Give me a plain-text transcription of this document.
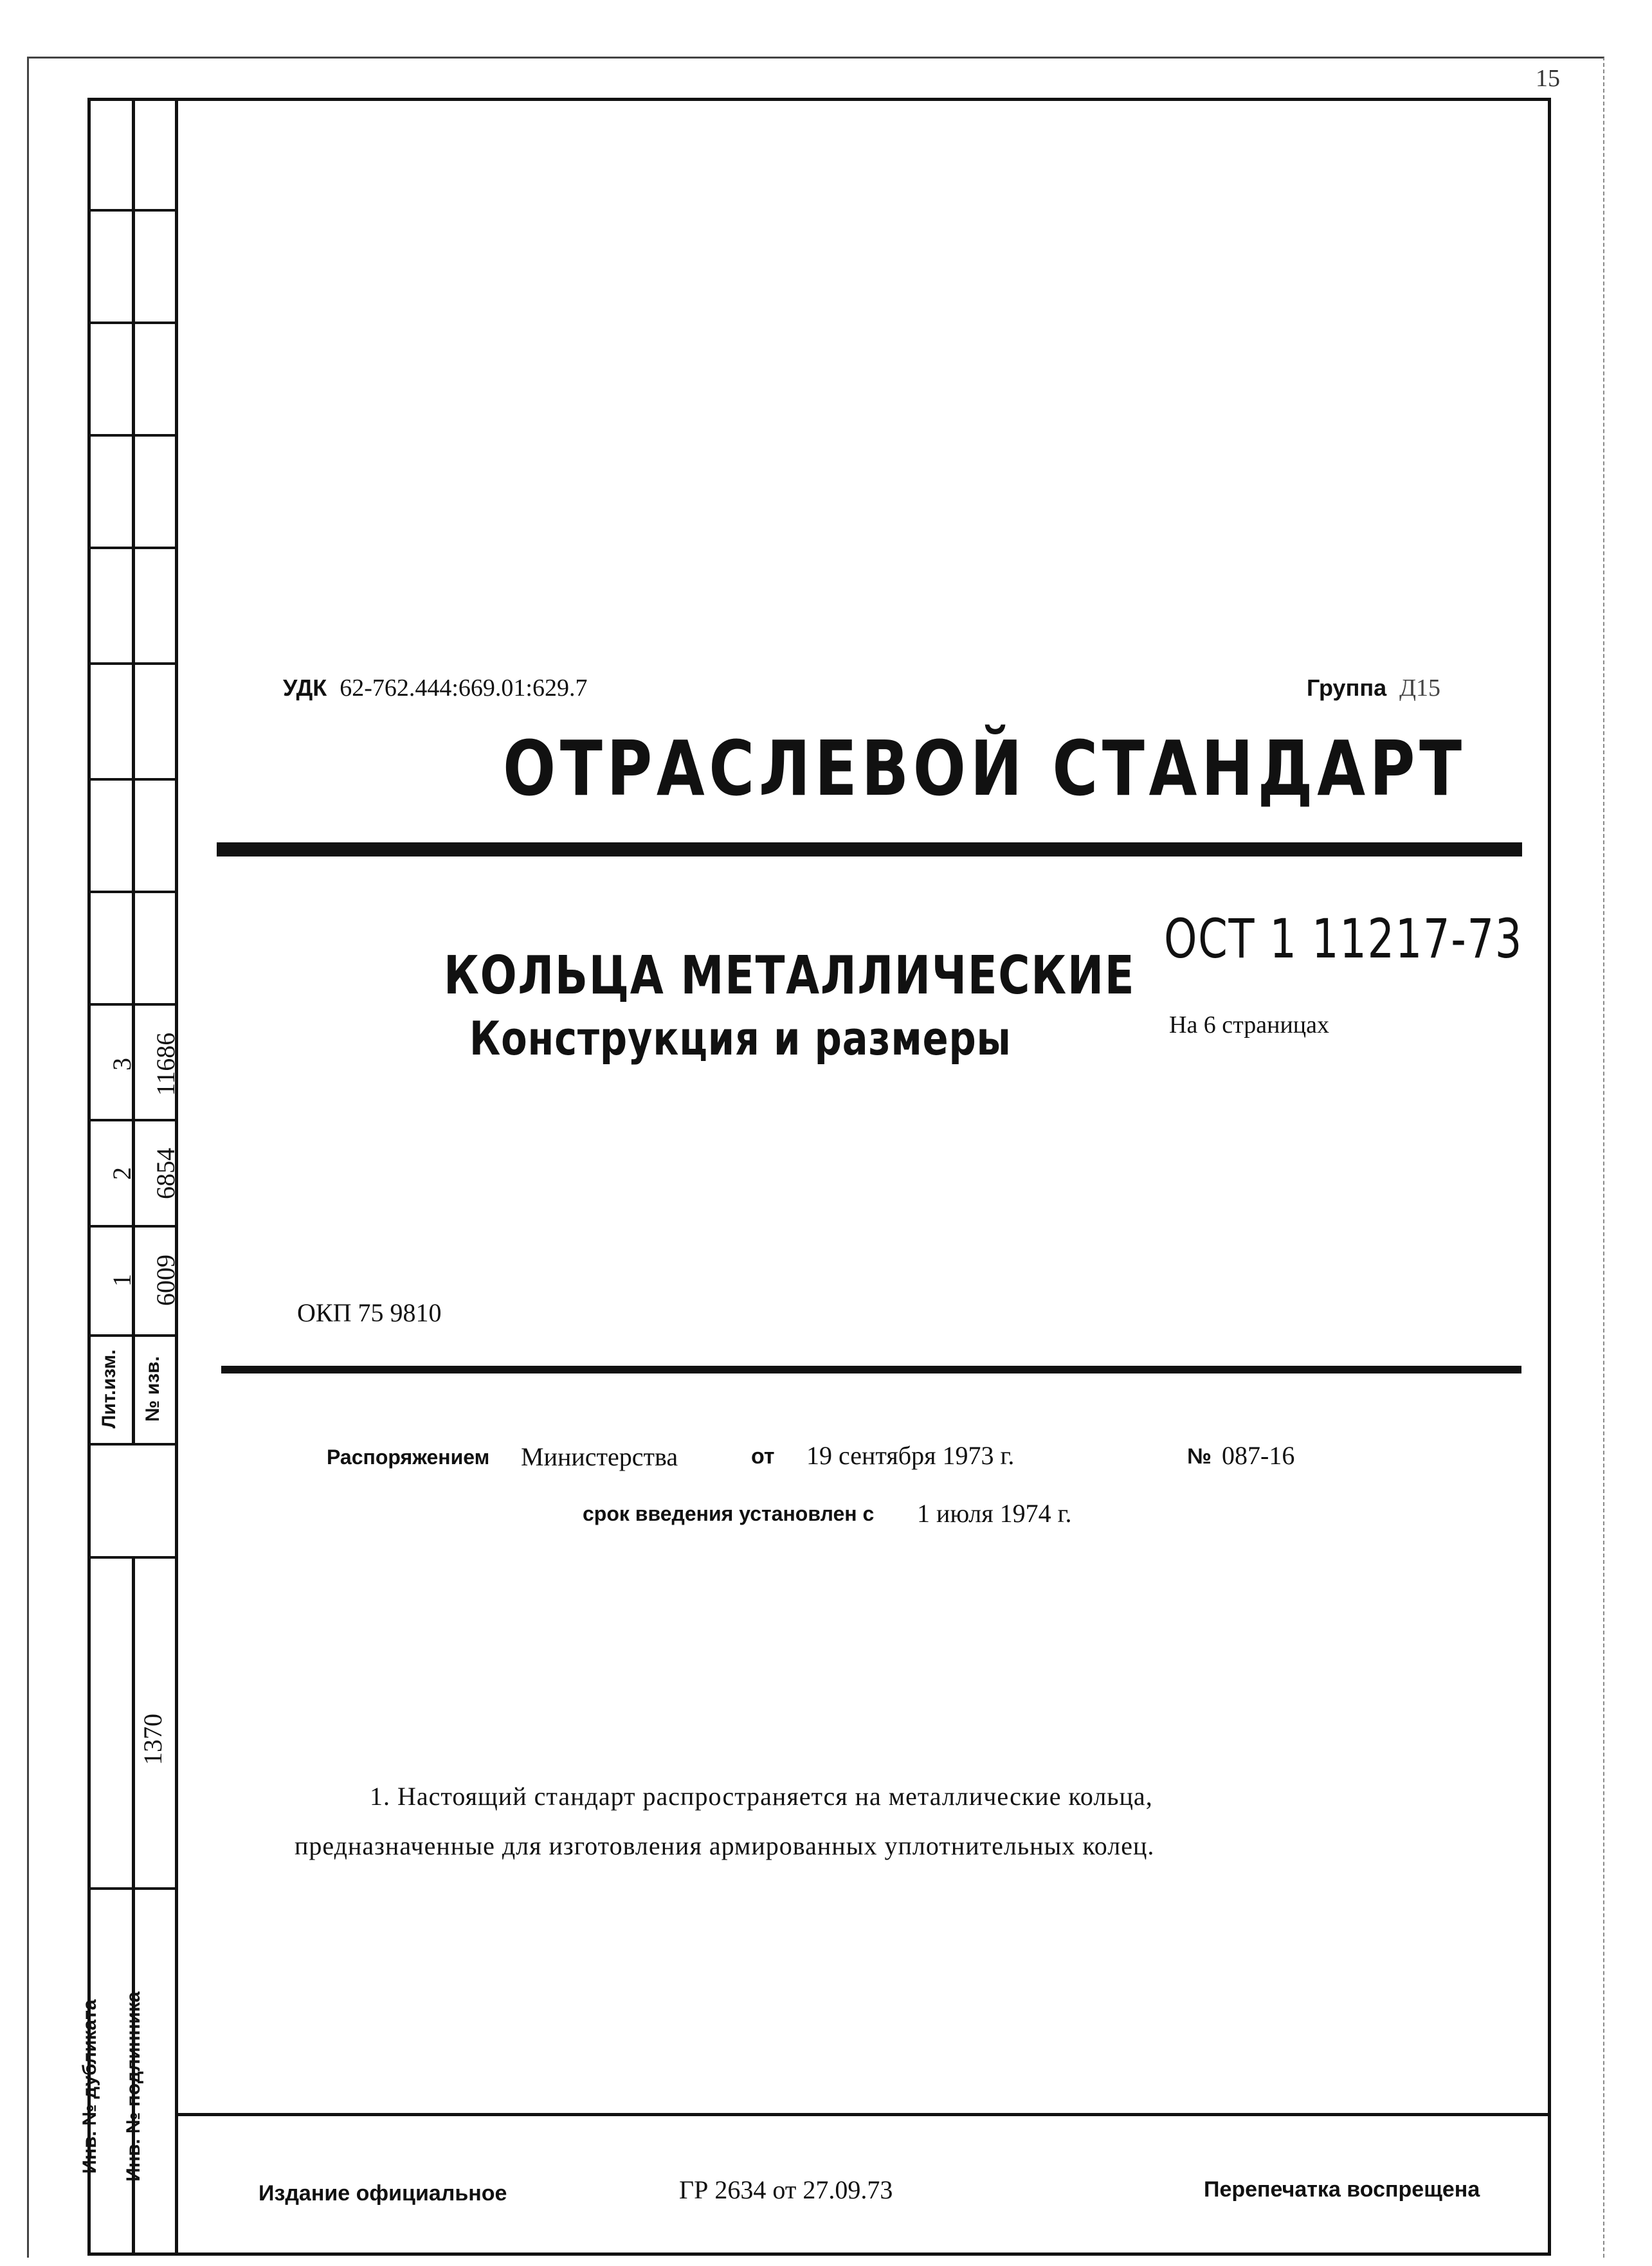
15
3 11686
2 6854
1 6009
Лит.изм.	№ изв.
1370
Инв. № дубликата	Инв. № подлинника
УДК 62-762.444:669.01:629.7	Группа Д15
ОТРАСЛЕВОЙ СТАНДАРТ
КОЛЬЦА МЕТАЛЛИЧЕСКИЕ
Конструкция и размеры
ОСТ 1 11217-73
На 6 страницах
ОКП 75 9810
Распоряжением Министерства	от 19 сентября 1973 г.	№ 087-16
срок введения установлен с 1 июля 1974 г.
1. Настоящий стандарт распространяется на металлические кольца,
предназначенные для изготовления армированных уплотнительных колец.
Издание официальное	ГР 2634 от 27.09.73	Перепечатка воспрещена
